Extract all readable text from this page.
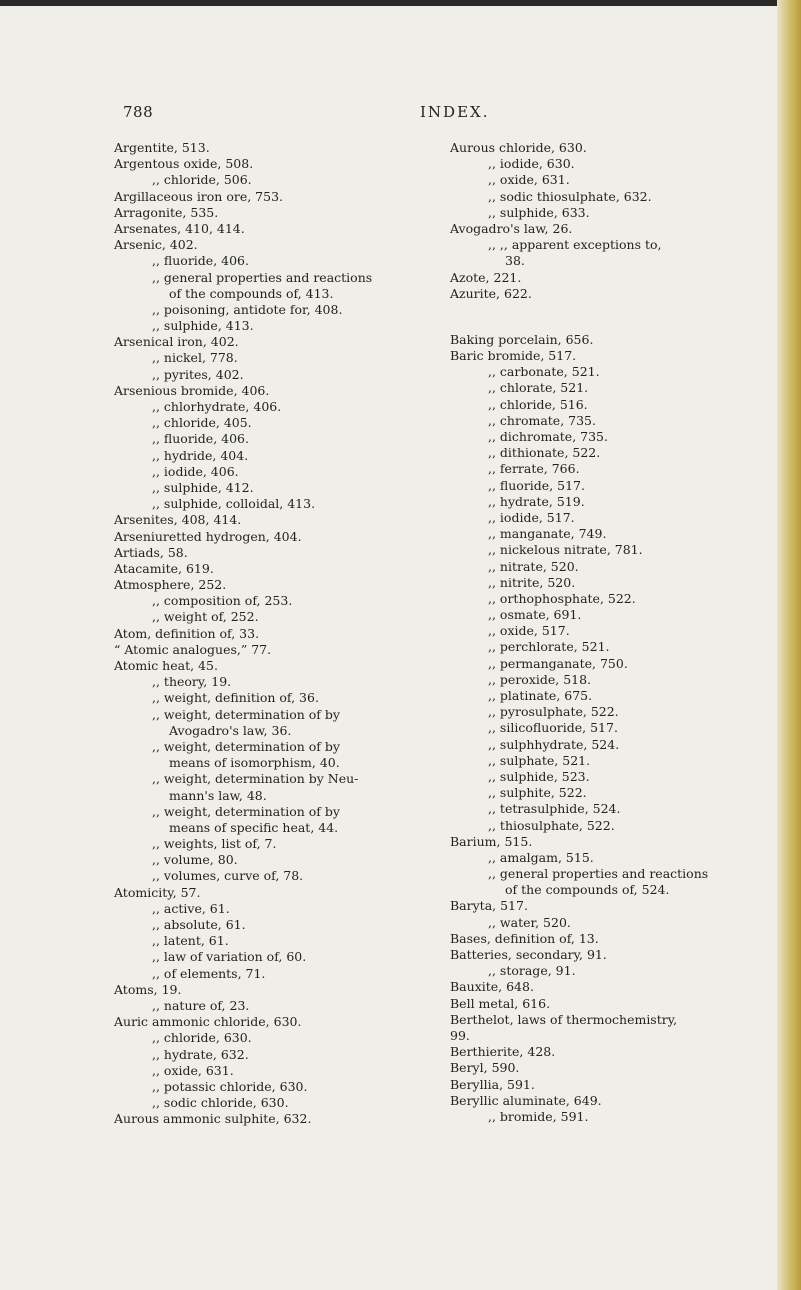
788	INDEX.
Argentite, 513.
Argentous oxide, 508.
,, chloride, 506.
Argillaceous iron ore, 753.
Arragonite, 535.
Arsenates, 410, 414.
Arsenic, 402.
,, fluoride, 406.
,, general properties and reactions
of the compounds of, 413.
,, poisoning, antidote for, 408.
,, sulphide, 413.
Arsenical iron, 402.
,, nickel, 778.
,, pyrites, 402.
Arsenious bromide, 406.
,, chlorhydrate, 406.
,, chloride, 405.
,, fluoride, 406.
,, hydride, 404.
,, iodide, 406.
,, sulphide, 412.
,, sulphide, colloidal, 413.
Arsenites, 408, 414.
Arseniuretted hydrogen, 404.
Artiads, 58.
Atacamite, 619.
Atmosphere, 252.
,, composition of, 253.
,, weight of, 252.
Atom, definition of, 33.
“ Atomic analogues,” 77.
Atomic heat, 45.
,, theory, 19.
,, weight, definition of, 36.
,, weight, determination of by
Avogadro's law, 36.
,, weight, determination of by
means of isomorphism, 40.
,, weight, determination by Neu-
mann's law, 48.
,, weight, determination of by
means of specific heat, 44.
,, weights, list of, 7.
,, volume, 80.
,, volumes, curve of, 78.
Atomicity, 57.
,, active, 61.
,, absolute, 61.
,, latent, 61.
,, law of variation of, 60.
,, of elements, 71.
Atoms, 19.
,, nature of, 23.
Auric ammonic chloride, 630.
,, chloride, 630.
,, hydrate, 632.
,, oxide, 631.
,, potassic chloride, 630.
,, sodic chloride, 630.
Aurous ammonic sulphite, 632.
Aurous chloride, 630.
,, iodide, 630.
,, oxide, 631.
,, sodic thiosulphate, 632.
,, sulphide, 633.
Avogadro's law, 26.
,, ,, apparent exceptions to,
38.
Azote, 221.
Azurite, 622.
Baking porcelain, 656.
Baric bromide, 517.
,, carbonate, 521.
,, chlorate, 521.
,, chloride, 516.
,, chromate, 735.
,, dichromate, 735.
,, dithionate, 522.
,, ferrate, 766.
,, fluoride, 517.
,, hydrate, 519.
,, iodide, 517.
,, manganate, 749.
,, nickelous nitrate, 781.
,, nitrate, 520.
,, nitrite, 520.
,, orthophosphate, 522.
,, osmate, 691.
,, oxide, 517.
,, perchlorate, 521.
,, permanganate, 750.
,, peroxide, 518.
,, platinate, 675.
,, pyrosulphate, 522.
,, silicofluoride, 517.
,, sulphhydrate, 524.
,, sulphate, 521.
,, sulphide, 523.
,, sulphite, 522.
,, tetrasulphide, 524.
,, thiosulphate, 522.
Barium, 515.
,, amalgam, 515.
,, general properties and reactions
of the compounds of, 524.
Baryta, 517.
,, water, 520.
Bases, definition of, 13.
Batteries, secondary, 91.
,, storage, 91.
Bauxite, 648.
Bell metal, 616.
Berthelot, laws of thermochemistry,
99.
Berthierite, 428.
Beryl, 590.
Beryllia, 591.
Beryllic aluminate, 649.
,, bromide, 591.
